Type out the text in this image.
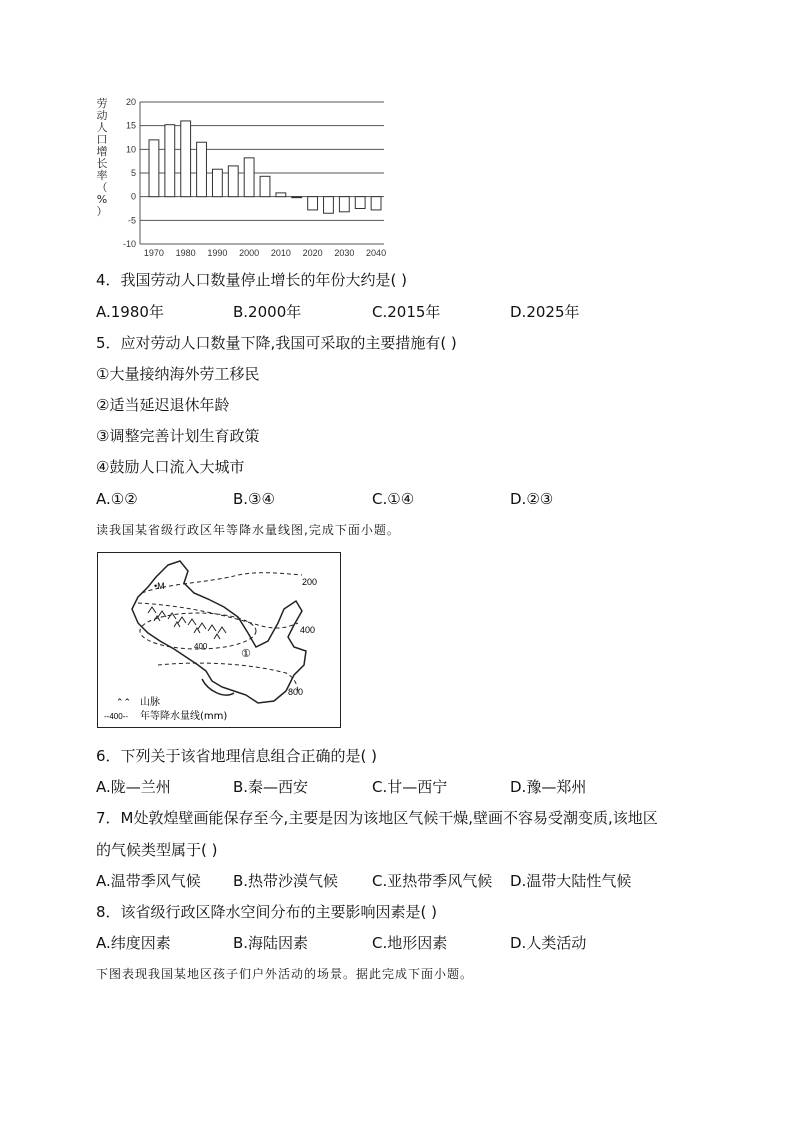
劳
动
人
口
增
长
率
（
%
）
20
15
10
5
0
-5
-10
1970 1980 1990 2000 2010 2020 2030 2040
4．我国劳动人口数量停止增长的年份大约是( )
A.1980年	B.2000年	C.2015年	D.2025年
5．应对劳动人口数量下降,我国可采取的主要措施有( )
①大量接纳海外劳工移民
②适当延迟退休年龄
③调整完善计划生育政策
④鼓励人口流入大城市
A.①②	B.③④	C.①④	D.②③
读我国某省级行政区年等降水量线图,完成下面小题。
•M	200
400
400
800
①
⌃⌃ 山脉
--400-- 年等降水量线(mm)
6．下列关于该省地理信息组合正确的是( )
A.陇—兰州	B.秦—西安	C.甘—西宁	D.豫—郑州
7．M处敦煌壁画能保存至今,主要是因为该地区气候干燥,壁画不容易受潮变质,该地区
的气候类型属于( )
A.温带季风气候 B.热带沙漠气候 C.亚热带季风气候 D.温带大陆性气候
8．该省级行政区降水空间分布的主要影响因素是( )
A.纬度因素	B.海陆因素	C.地形因素	D.人类活动
下图表现我国某地区孩子们户外活动的场景。据此完成下面小题。
